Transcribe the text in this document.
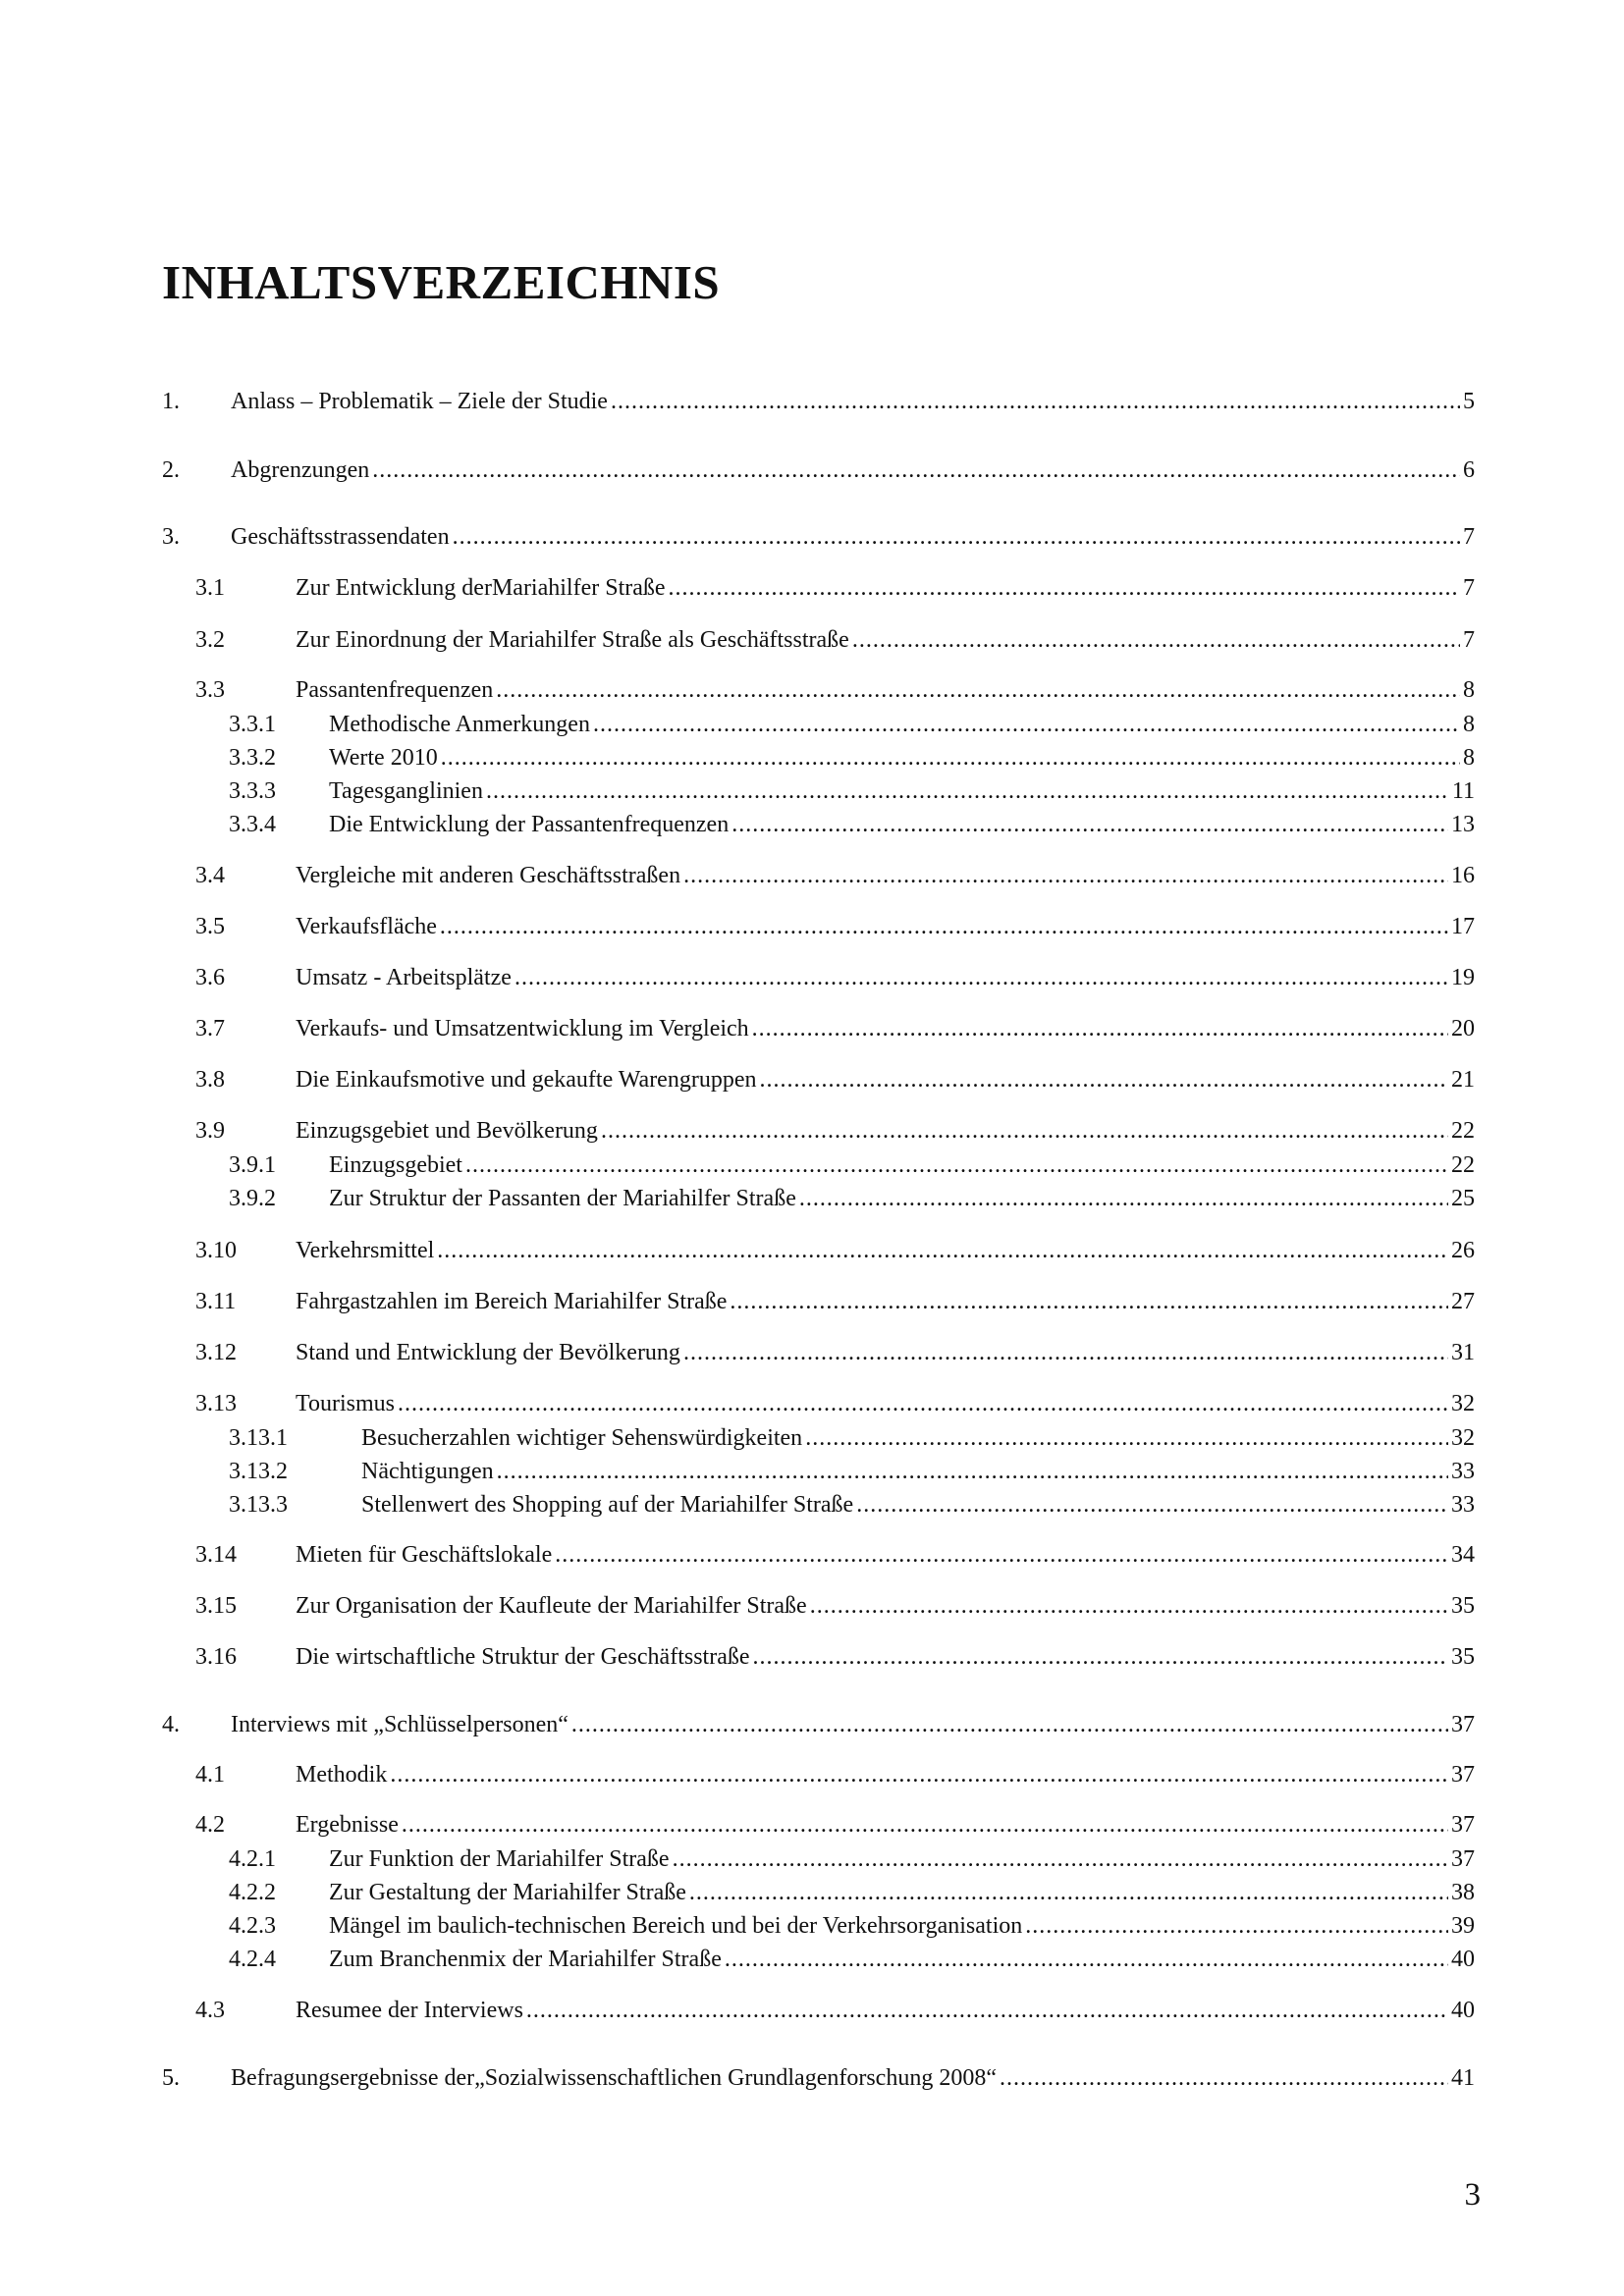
INHALTSVERZEICHNIS
1. Anlass – Problematik – Ziele der Studie .....	5
2. Abgrenzungen .....	6
3. Geschäftsstrassendaten .....	7
3.1	Zur Entwicklung derMariahilfer Straße .....	7
3.2	Zur Einordnung der Mariahilfer Straße als Geschäftsstraße .....	7
3.3	Passantenfrequenzen .....	8
3.3.1 Methodische Anmerkungen .....	8
3.3.2 Werte 2010 .....	8
3.3.3 Tagesganglinien .....	11
3.3.4 Die Entwicklung der Passantenfrequenzen .....	13
3.4	Vergleiche mit anderen Geschäftsstraßen .....	16
3.5	Verkaufsfläche .....	17
3.6	Umsatz - Arbeitsplätze .....	19
3.7	Verkaufs- und Umsatzentwicklung im Vergleich .....	20
3.8	Die Einkaufsmotive und gekaufte Warengruppen .....	21
3.9	Einzugsgebiet und Bevölkerung .....	22
3.9.1 Einzugsgebiet .....	22
3.9.2 Zur Struktur der Passanten der Mariahilfer Straße .....	25
3.10	Verkehrsmittel .....	26
3.11	Fahrgastzahlen im Bereich Mariahilfer Straße .....	27
3.12	Stand und Entwicklung der Bevölkerung .....	31
3.13	Tourismus .....	32
3.13.1	Besucherzahlen wichtiger Sehenswürdigkeiten .....	32
3.13.2	Nächtigungen .....	33
3.13.3	Stellenwert des Shopping auf der Mariahilfer Straße .....	33
3.14	Mieten für Geschäftslokale .....	34
3.15	Zur Organisation der Kaufleute der Mariahilfer Straße .....	35
3.16	Die wirtschaftliche Struktur der Geschäftsstraße .....	35
4. Interviews mit „Schlüsselpersonen“ .....	37
4.1	Methodik .....	37
4.2	Ergebnisse .....	37
4.2.1 Zur Funktion der Mariahilfer Straße .....	37
4.2.2 Zur Gestaltung der Mariahilfer Straße .....	38
4.2.3 Mängel im baulich-technischen Bereich und bei der Verkehrsorganisation .....	39
4.2.4 Zum Branchenmix der Mariahilfer Straße .....	40
4.3	Resumee der Interviews .....	40
5. Befragungsergebnisse der„Sozialwissenschaftlichen Grundlagenforschung 2008“ .....	41
3
